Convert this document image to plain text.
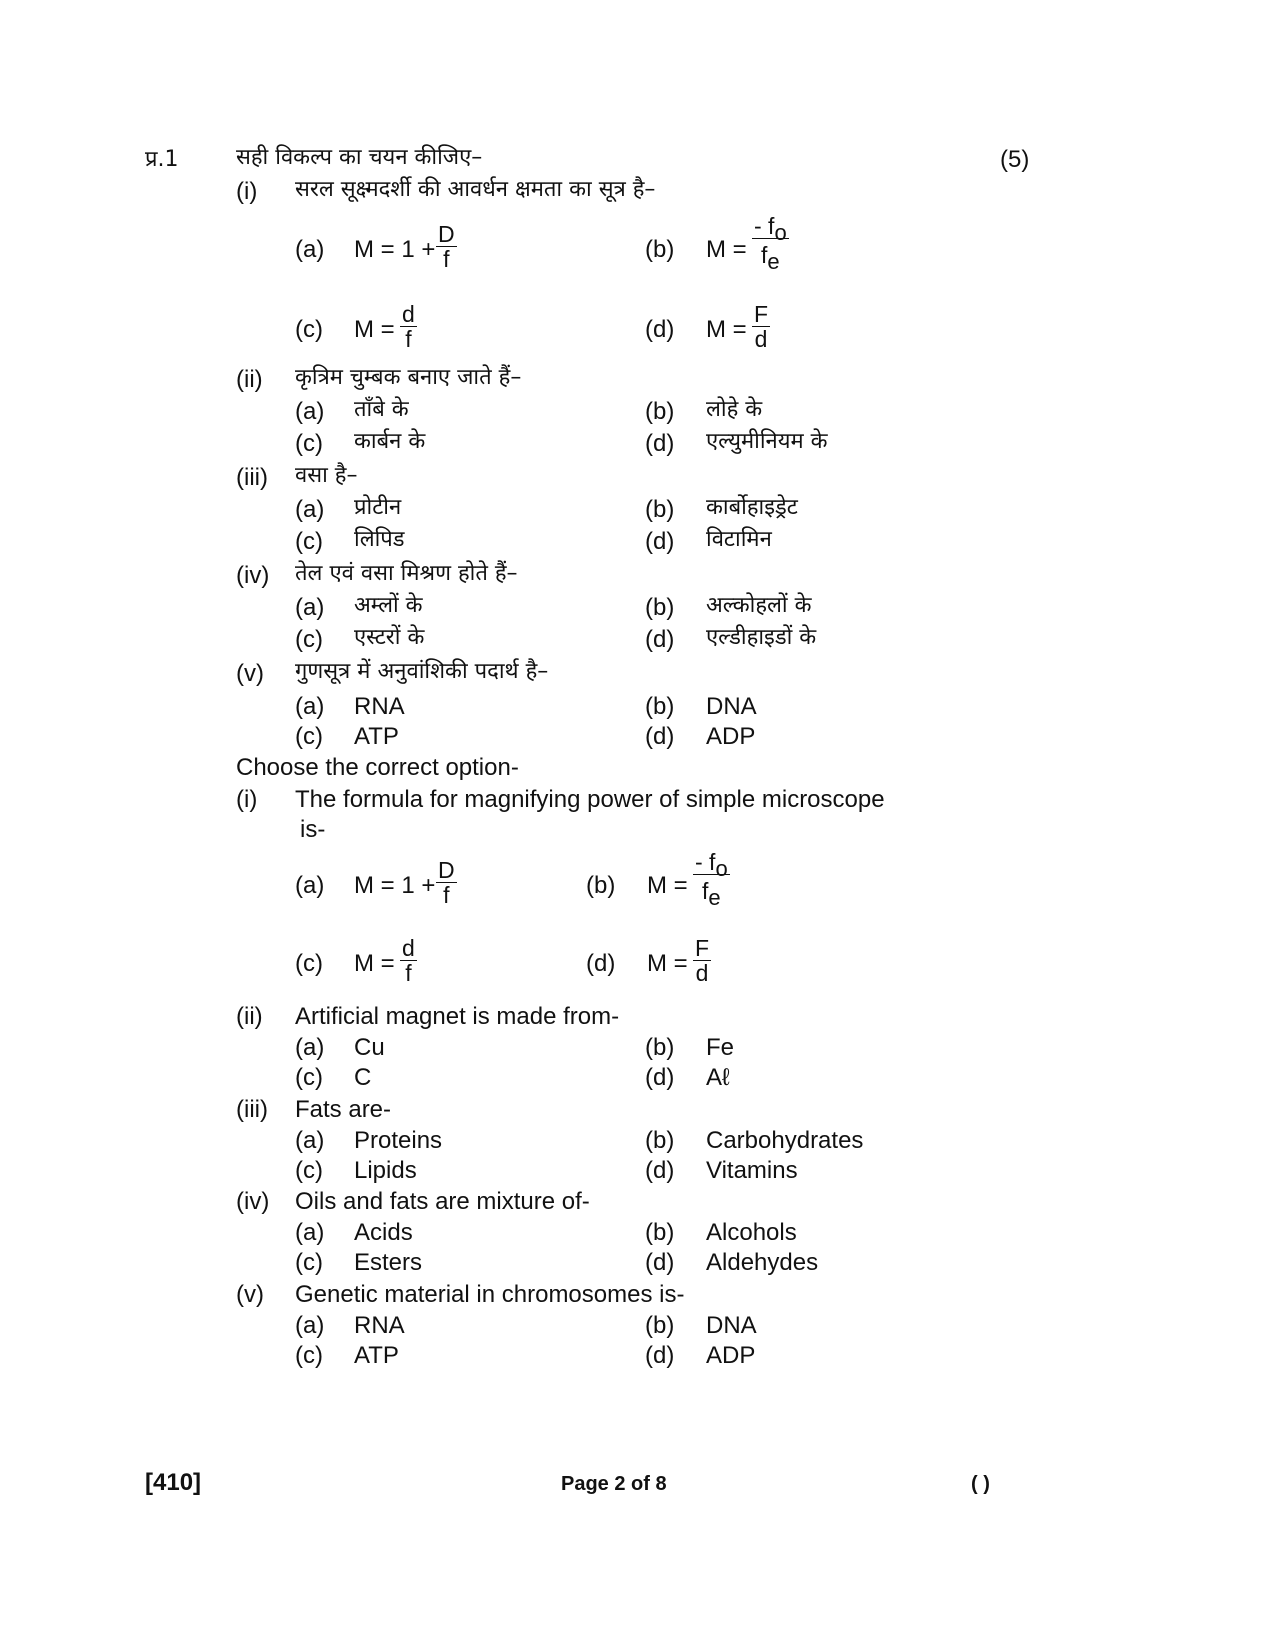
प्र.1	सही विकल्प का चयन कीजिए–	(5)
(i) सरल सूक्ष्मदर्शी की आवर्धन क्षमता का सूत्र है–
(a) $M = 1 + \frac{D}{f}$	(b) $M = \frac{- f_o}{f_e}$
(c) $M = \frac{d}{f}$	(d) $M = \frac{F}{d}$
(ii) कृत्रिम चुम्बक बनाए जाते हैं–
(a) ताँबे के	(b) लोहे के
(c) कार्बन के	(d) एल्युमीनियम के
(iii) वसा है–
(a) प्रोटीन	(b) कार्बोहाइड्रेट
(c) लिपिड	(d) विटामिन
(iv) तेल एवं वसा मिश्रण होते हैं–
(a) अम्लों के	(b) अल्कोहलों के
(c) एस्टरों के	(d) एल्डीहाइडों के
(v) गुणसूत्र में अनुवांशिकी पदार्थ है–
(a) RNA	(b) DNA
(c) ATP	(d) ADP
Choose the correct option-
(i) The formula for magnifying power of simple microscope
is-
(a) $M = 1 + \frac{D}{f}$	(b) $M = \frac{- f_o}{f_e}$
(c) $M = \frac{d}{f}$	(d) $M = \frac{F}{d}$
(ii) Artificial magnet is made from-
(a) Cu	(b) Fe
(c) C	(d) Aℓ
(iii) Fats are-
(a) Proteins	(b) Carbohydrates
(c) Lipids	(d) Vitamins
(iv) Oils and fats are mixture of-
(a) Acids	(b) Alcohols
(c) Esters	(d) Aldehydes
(v) Genetic material in chromosomes is-
(a) RNA	(b) DNA
(c) ATP	(d) ADP
[410]	Page 2 of 8	( )
